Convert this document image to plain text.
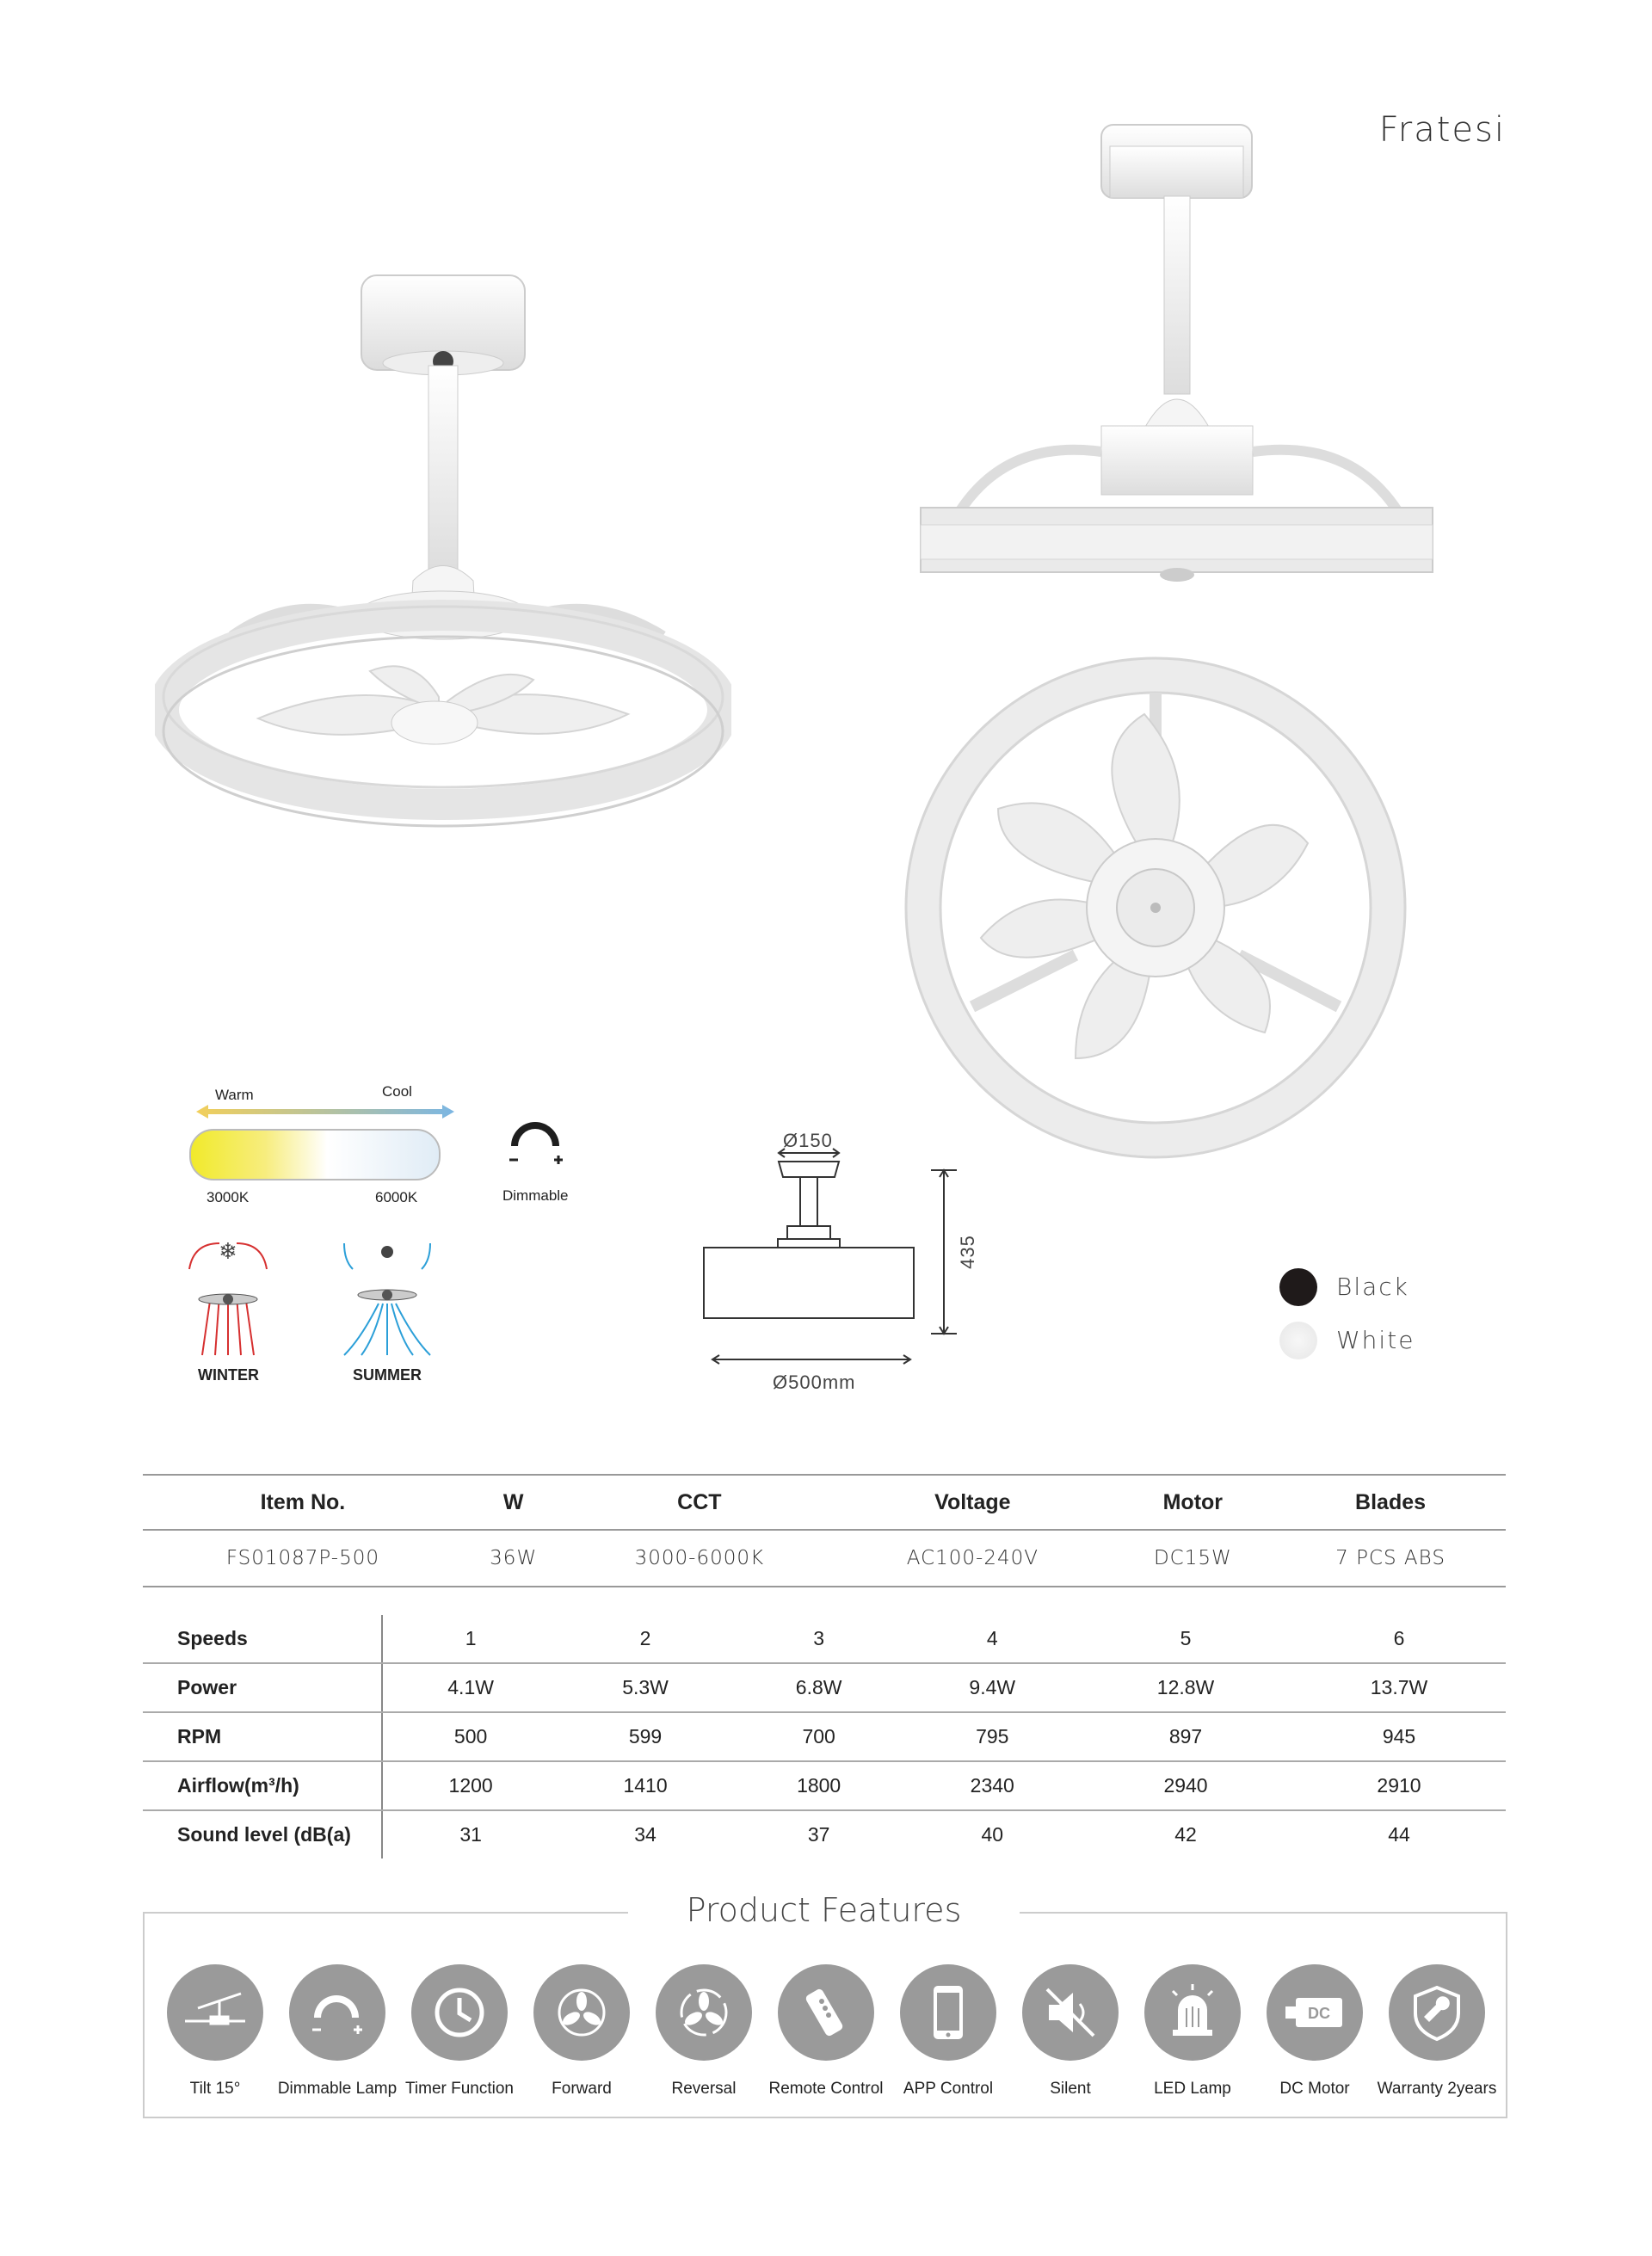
Fratesi
Warm	Cool
3000K	6000K	Dimmable
❄
WINTER	SUMMER
Ø150
435
Ø500mm
Black
White
Item No.	W	CCT	Voltage	Motor	Blades
FS01087P-500	36W	3000-6000K	AC100-240V	DC15W	7 PCS ABS
Speeds	1	2	3	4	5	6
Power	4.1W	5.3W	6.8W	9.4W	12.8W	13.7W
RPM	500	599	700	795	897	945
Airflow(m³/h)	1200	1410	1800	2340	2940	2910
Sound level (dB(a)	31	34	37	40	42	44
Product Features
Tilt 15°	Dimmable Lamp Timer Function	Forward	Reversal	Remote Control	APP Control	Silent	LED Lamp
DC
DC Motor	Warranty 2years
